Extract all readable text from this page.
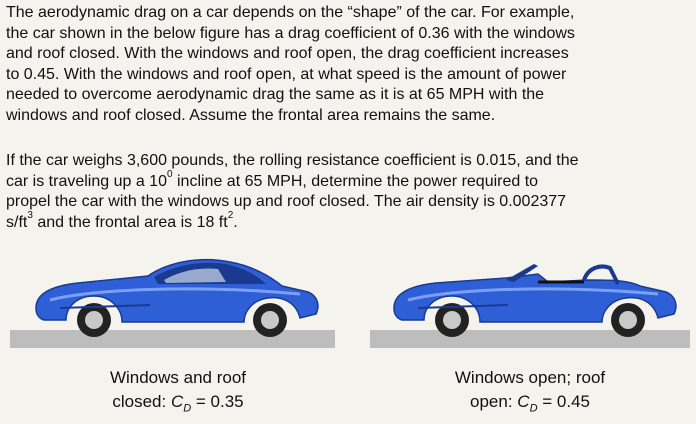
The aerodynamic drag on a car depends on the “shape” of the car. For example,
the car shown in the below figure has a drag coefficient of 0.36 with the windows
and roof closed. With the windows and roof open, the drag coefficient increases
to 0.45. With the windows and roof open, at what speed is the amount of power
needed to overcome aerodynamic drag the same as it is at 65 MPH with the
windows and roof closed. Assume the frontal area remains the same.
If the car weighs 3,600 pounds, the rolling resistance coefficient is 0.015, and the
car is traveling up a $10^0$ incline at 65 MPH, determine the power required to
propel the car with the windows up and roof closed. The air density is 0.002377
$s/ft^3$ and the frontal area is 18 $ft^2$.
Windows and roof
closed: $C_D = 0.35$
Windows open; roof
open: $C_D = 0.45$
